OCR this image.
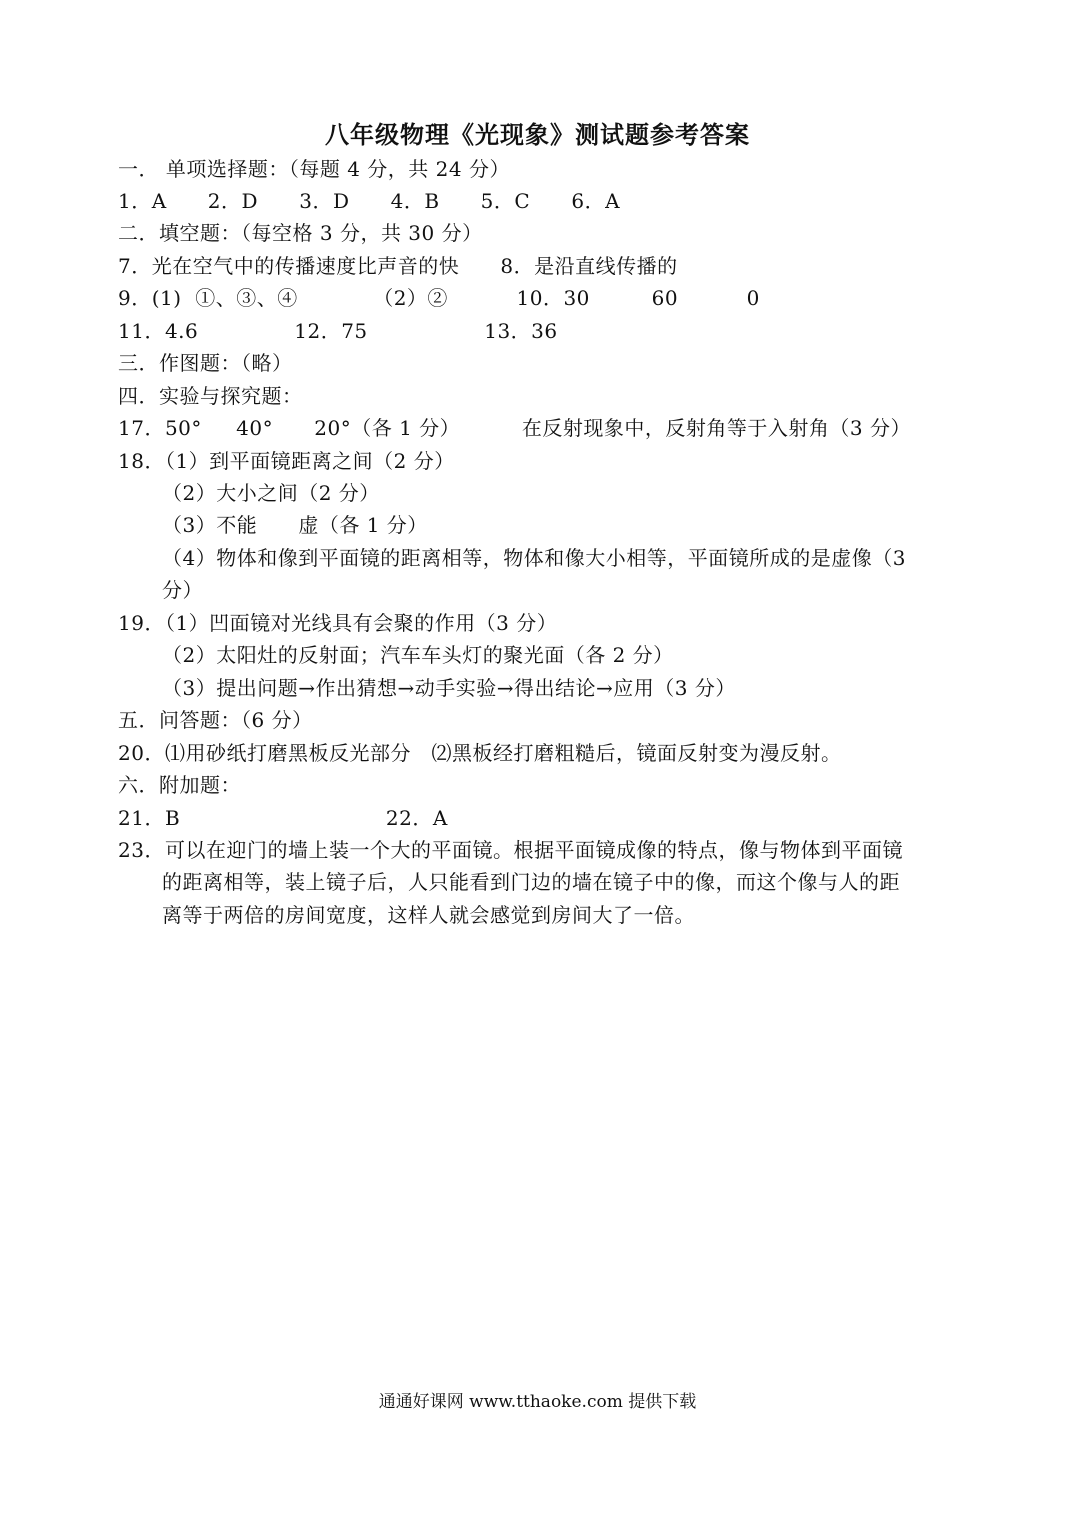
八年级物理《光现象》测试题参考答案
一． 单项选择题：（每题 4 分，共 24 分）
1．A      2．D      3．D      4．B      5．C      6．A
二．填空题：（每空格 3 分，共 30 分）
7．光在空气中的传播速度比声音的快      8．是沿直线传播的
9．(1)  ①、③、④           （2）②          10．30         60          0
11．4.6              12．75                 13．36
三．作图题：（略）
四．实验与探究题：
17．50°     40°      20°（各 1 分）         在反射现象中，反射角等于入射角（3 分）
18．（1）到平面镜距离之间（2 分）
（2）大小之间（2 分）
（3）不能      虚（各 1 分）
（4）物体和像到平面镜的距离相等，物体和像大小相等，平面镜所成的是虚像（3
分）
19．（1）凹面镜对光线具有会聚的作用（3 分）
（2）太阳灶的反射面；汽车车头灯的聚光面（各 2 分）
（3）提出问题→作出猜想→动手实验→得出结论→应用（3 分）
五．问答题：（6 分）
20．⑴用砂纸打磨黑板反光部分   ⑵黑板经打磨粗糙后，镜面反射变为漫反射。
六．附加题：
21．B                              22．A
23．可以在迎门的墙上装一个大的平面镜。根据平面镜成像的特点，像与物体到平面镜
的距离相等，装上镜子后，人只能看到门边的墙在镜子中的像，而这个像与人的距
离等于两倍的房间宽度，这样人就会感觉到房间大了一倍。
通通好课网 www.tthaoke.com 提供下载
